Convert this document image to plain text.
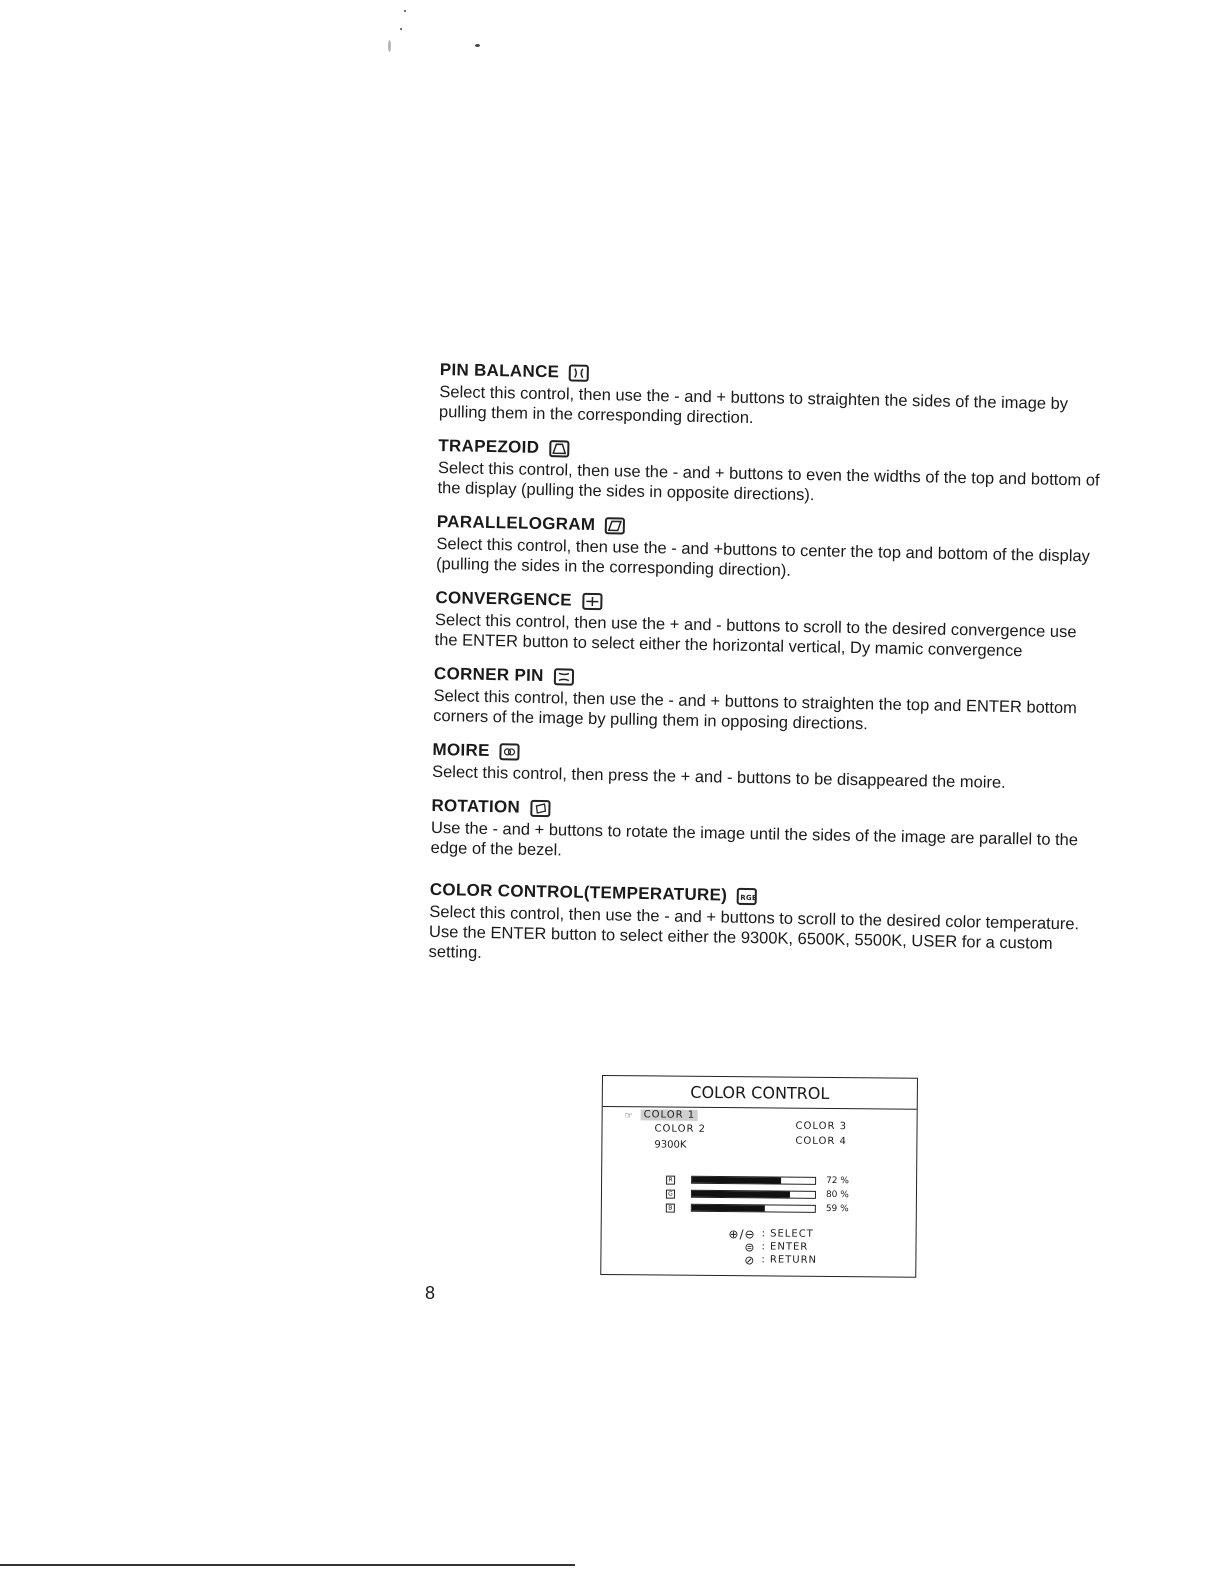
PIN BALANCE

Select this control, then use the - and + buttons to straighten the sides of the image by pulling them in the corresponding direction.

TRAPEZOID

Select this control, then use the - and + buttons to even the widths of the top and bottom of the display (pulling the sides in opposite directions).

PARALLELOGRAM

Select this control, then use the - and +buttons to center the top and bottom of the display (pulling the sides in the corresponding direction).

CONVERGENCE

Select this control, then use the + and - buttons to scroll to the desired convergence use the ENTER button to select either the horizontal vertical, Dy mamic convergence

CORNER PIN

Select this control, then use the - and + buttons to straighten the top and ENTER bottom corners of the image by pulling them in opposing directions.

MOIRE

Select this control, then press the + and - buttons to be disappeared the moire.

ROTATION

Use the - and + buttons to rotate the image until the sides of the image are parallel to the edge of the bezel.

COLOR CONTROL(TEMPERATURE) RGB

Select this control, then use the - and + buttons to scroll to the desired color temperature. Use the ENTER button to select either the 9300K, 6500K, 5500K, USER for a custom setting.

COLOR CONTROL
☞ COLOR 1
COLOR 2	COLOR 3
COLOR 4
9300K
R	72 %
G	80 %
B	59 %
⊕/⊖ : SELECT
⊜ : ENTER
⊘ : RETURN
8
